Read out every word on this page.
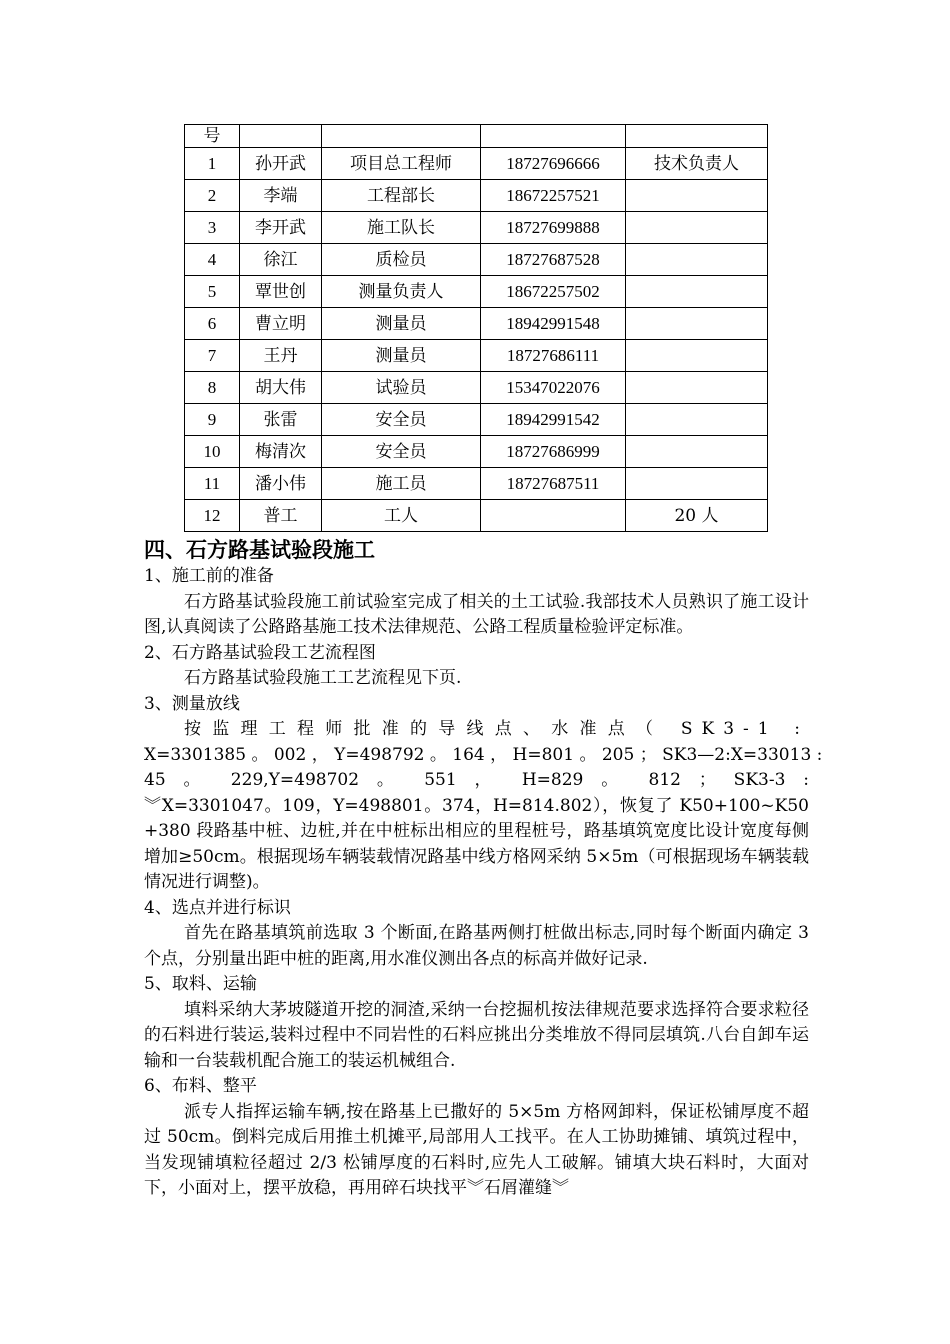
号				
1	孙开武	项目总工程师	18727696666	技术负责人
2	李端	工程部长	18672257521	
3	李开武	施工队长	18727699888	
4	徐江	质检员	18727687528	
5	覃世创	测量负责人	18672257502	
6	曹立明	测量员	18942991548	
7	王丹	测量员	18727686111	
8	胡大伟	试验员	15347022076	
9	张雷	安全员	18942991542	
10	梅清次	安全员	18727686999	
11	潘小伟	施工员	18727687511	
12	普工	工人		20 人
四、石方路基试验段施工

1、施工前的准备

石方路基试验段施工前试验室完成了相关的土工试验.我部技术人员熟识了施工设计图,认真阅读了公路路基施工技术法律规范、公路工程质量检验评定标准。

2、石方路基试验段工艺流程图

石方路基试验段施工工艺流程见下页.

3、测量放线

按监理工程师批准的导线点、水准点（ SK3-1 :
X=3301385 。 002 ， Y=498792 。 164 ， H=801 。 205 ； SK3—2:X=33013 :
45 。 229,Y=498702 。 551 ， H=829 。 812 ； SK3-3 :

︾X=3301047。109，Y=498801。374，H=814.802），恢复了 K50+100~K50+380 段路基中桩、边桩,并在中桩标出相应的里程桩号，路基填筑宽度比设计宽度每侧增加≥50cm。根据现场车辆装载情况路基中线方格网采纳 5×5m（可根据现场车辆装载情况进行调整)。

4、选点并进行标识

首先在路基填筑前选取 3 个断面,在路基两侧打桩做出标志,同时每个断面内确定 3 个点，分别量出距中桩的距离,用水准仪测出各点的标高并做好记录.

5、取料、运输

填料采纳大茅坡隧道开挖的洞渣,采纳一台挖掘机按法律规范要求选择符合要求粒径的石料进行装运,装料过程中不同岩性的石料应挑出分类堆放不得同层填筑.八台自卸车运输和一台装载机配合施工的装运机械组合.

6、布料、整平

派专人指挥运输车辆,按在路基上已撒好的 5×5m 方格网卸料，保证松铺厚度不超过 50cm。倒料完成后用推土机摊平,局部用人工找平。在人工协助摊铺、填筑过程中，当发现铺填粒径超过 2/3 松铺厚度的石料时,应先人工破解。铺填大块石料时，大面对下，小面对上，摆平放稳，再用碎石块找平︾石屑灌缝︾
